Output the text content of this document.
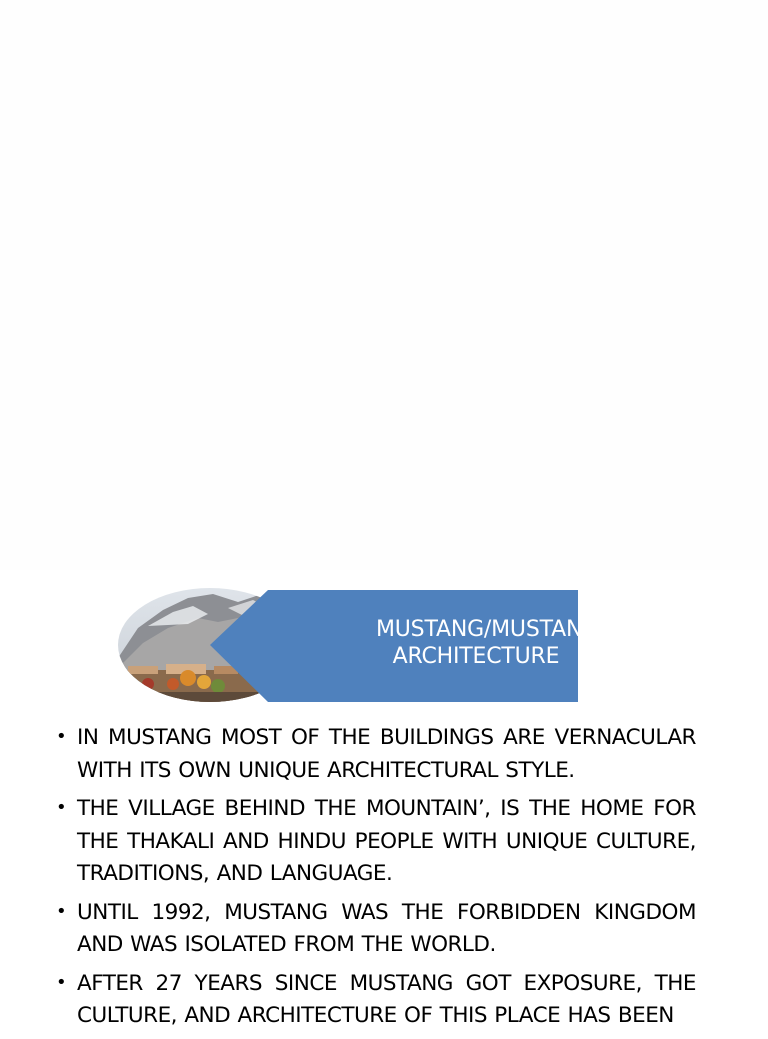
MUSTANG/MUSTANG
ARCHITECTURE
• IN MUSTANG MOST OF THE BUILDINGS ARE VERNACULAR WITH ITS OWN UNIQUE ARCHITECTURAL STYLE.
• THE VILLAGE BEHIND THE MOUNTAIN’, IS THE HOME FOR THE THAKALI AND HINDU PEOPLE WITH UNIQUE CULTURE, TRADITIONS, AND LANGUAGE.
• UNTIL 1992, MUSTANG WAS THE FORBIDDEN KINGDOM AND WAS ISOLATED FROM THE WORLD.
• AFTER 27 YEARS SINCE MUSTANG GOT EXPOSURE, THE CULTURE, AND ARCHITECTURE OF THIS PLACE HAS BEEN
